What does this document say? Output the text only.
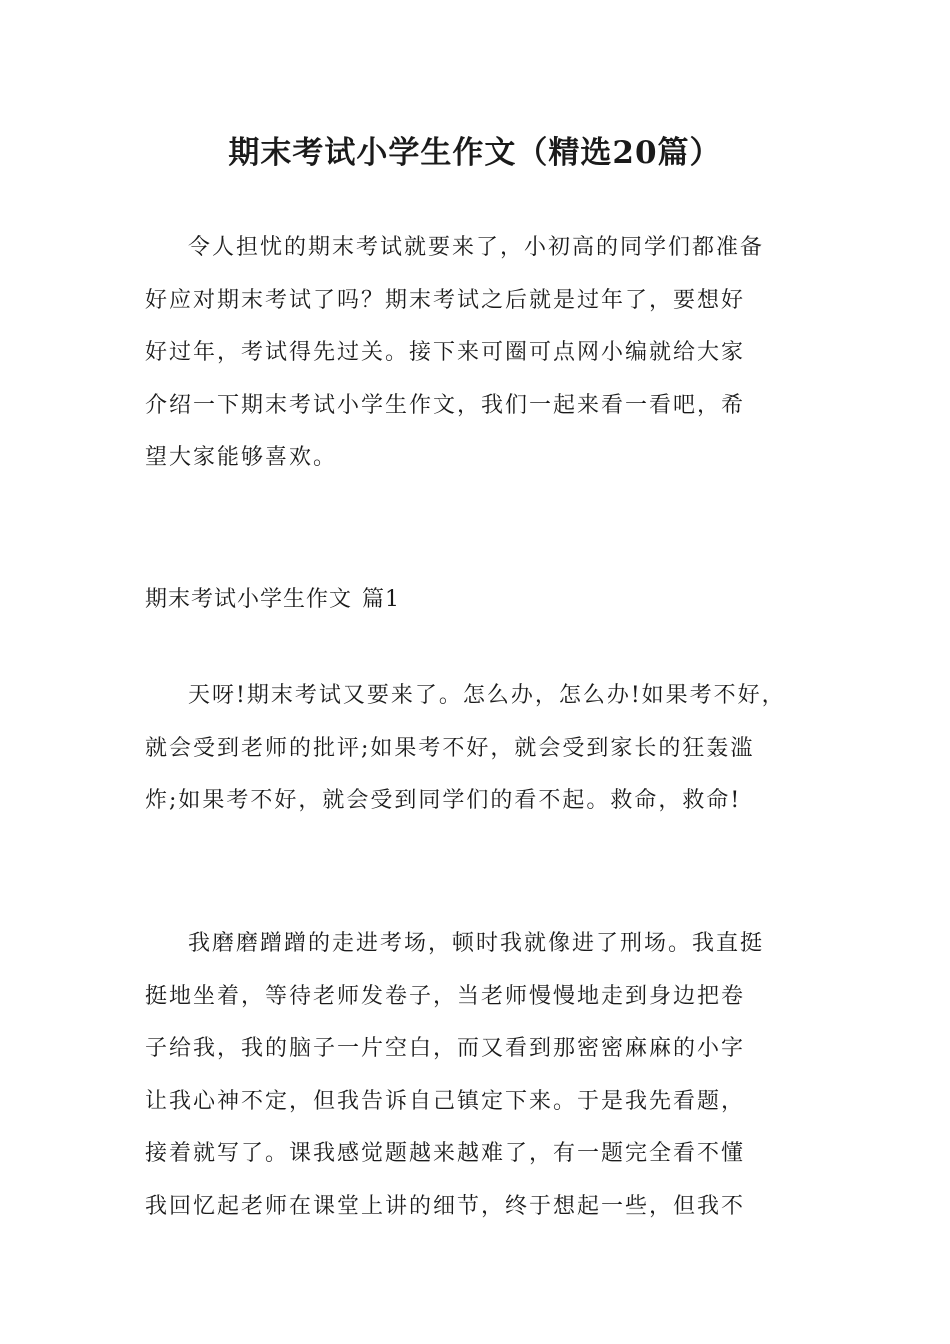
期末考试小学生作文（精选20篇）
令人担忧的期末考试就要来了，小初高的同学们都准备
好应对期末考试了吗？期末考试之后就是过年了，要想好
好过年，考试得先过关。接下来可圈可点网小编就给大家
介绍一下期末考试小学生作文，我们一起来看一看吧，希
望大家能够喜欢。
期末考试小学生作文 篇1
天呀!期末考试又要来了。怎么办，怎么办!如果考不好，
就会受到老师的批评;如果考不好，就会受到家长的狂轰滥
炸;如果考不好，就会受到同学们的看不起。救命，救命!
我磨磨蹭蹭的走进考场，顿时我就像进了刑场。我直挺
挺地坐着，等待老师发卷子，当老师慢慢地走到身边把卷
子给我，我的脑子一片空白，而又看到那密密麻麻的小字
让我心神不定，但我告诉自己镇定下来。于是我先看题，
接着就写了。课我感觉题越来越难了，有一题完全看不懂
我回忆起老师在课堂上讲的细节，终于想起一些，但我不
